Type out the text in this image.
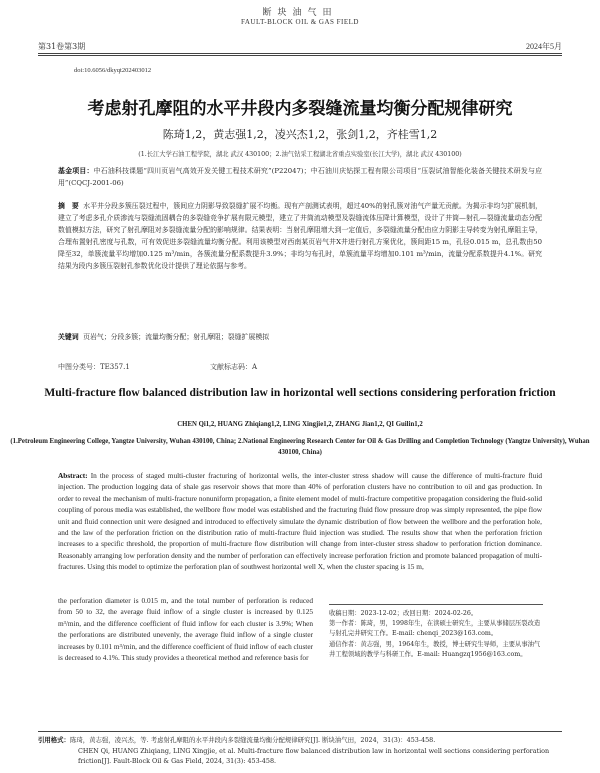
断块油气田
FAULT-BLOCK OIL & GAS FIELD
第31卷第3期	2024年5月
doi:10.6056/dkyqt202403012
考虑射孔摩阻的水平井段内多裂缝流量均衡分配规律研究
陈琦1,2，黄志强1,2，凌兴杰1,2，张剑1,2，齐桂雪1,2
(1.长江大学石油工程学院，湖北 武汉 430100；2.油气钻采工程湖北省重点实验室(长江大学)，湖北 武汉 430100)
基金项目：中石油科技课题“四川页岩气高效开发关键工程技术研究”(P22047)；中石油川庆钻探工程有限公司项目“压裂试油智能化装备关键技术研发与应用”(CQCJ-2001-06)
摘　要 水平井分段多簇压裂过程中，簇间应力阴影导致裂缝扩展不均衡。现有产剖测试表明，超过40%的射孔簇对油气产量无贡献。为揭示非均匀扩展机制，建立了考虑多孔介质渗流与裂缝流固耦合的多裂缝竞争扩展有限元模型，建立了井筒流动模型及裂缝流体压降计算模型，设计了井筒—射孔—裂缝流量动态分配数值模拟方法，研究了射孔摩阻对多裂缝流量分配的影响规律。结果表明：当射孔摩阻增大到一定值后，多裂缝流量分配由应力阴影主导转变为射孔摩阻主导，合理布置射孔密度与孔数，可有效促进多裂缝流量均衡分配。利用该模型对西南某页岩气井X井进行射孔方案优化，簇间距15 m，孔径0.015 m，总孔数由50降至32，单簇流量平均增加0.125 m³/min，各簇流量分配系数提升3.9%；非均匀布孔时，单簇流量平均增加0.101 m³/min，流量分配系数提升4.1%。研究结果为段内多簇压裂射孔参数优化设计提供了理论依据与参考。
关键词 页岩气；分段多簇；流量均衡分配；射孔摩阻；裂缝扩展模拟
中图分类号：TE357.1	文献标志码：A
Multi-fracture flow balanced distribution law in horizontal well sections considering perforation friction
CHEN Qi1,2, HUANG Zhiqiang1,2, LING Xingjie1,2, ZHANG Jian1,2, QI Guilin1,2
(1.Petroleum Engineering College, Yangtze University, Wuhan 430100, China; 2.National Engineering Research Center for Oil & Gas Drilling and Completion Technology (Yangtze University), Wuhan 430100, China)
Abstract: In the process of staged multi-cluster fracturing of horizontal wells, the inter-cluster stress shadow will cause the difference of multi-fracture fluid injection. The production logging data of shale gas reservoir shows that more than 40% of perforation clusters have no contribution to oil and gas production. In order to reveal the mechanism of multi-fracture nonuniform propagation, a finite element model of multi-fracture competitive propagation considering the fluid-solid coupling of porous media was established, the wellbore flow model was established and the fracturing fluid flow pressure drop was simply represented, the pipe flow unit and fluid connection unit were designed and introduced to effectively simulate the dynamic distribution of flow between the wellbore and the perforation hole, and the law of the perforation friction on the distribution ratio of multi-fracture fluid injection was studied. The results show that when the perforation friction increases to a specific threshold, the proportion of multi-fracture flow distribution will change from inter-cluster stress shadow to perforation friction dominance. Reasonably arranging low perforation density and the number of perforation can effectively increase perforation friction and promote balanced propagation of multi-fractures. Using this model to optimize the perforation plan of southwest horizontal well X, when the cluster spacing is 15 m,
the perforation diameter is 0.015 m, and the total number of perforation is reduced from 50 to 32, the average fluid inflow of a single cluster is increased by 0.125 m³/min, and the difference coefficient of fluid inflow for each cluster is 3.9%; When the perforations are distributed unevenly, the average fluid inflow of a single cluster increases by 0.101 m³/min, and the difference coefficient of fluid inflow of each cluster is decreased to 4.1%. This study provides a theoretical method and reference basis for
收稿日期：2023-12-02；改回日期：2024-02-26。
第一作者：陈琦，男，1998年生，在读硕士研究生，主要从事储层压裂改造与射孔完井研究工作。E-mail: chenqi_2023@163.com。
通信作者：黄志强，男，1964年生，教授，博士研究生导师，主要从事油气井工程领域的教学与科研工作。E-mail: Huangzq1956@163.com。
引用格式：陈琦，黄志强，凌兴杰，等. 考虑射孔摩阻的水平井段内多裂缝流量均衡分配规律研究[J]. 断块油气田，2024，31(3)：453-458.
CHEN Qi, HUANG Zhiqiang, LING Xingjie, et al. Multi-fracture flow balanced distribution law in horizontal well sections considering perforation friction[J]. Fault-Block Oil & Gas Field, 2024, 31(3): 453-458.
